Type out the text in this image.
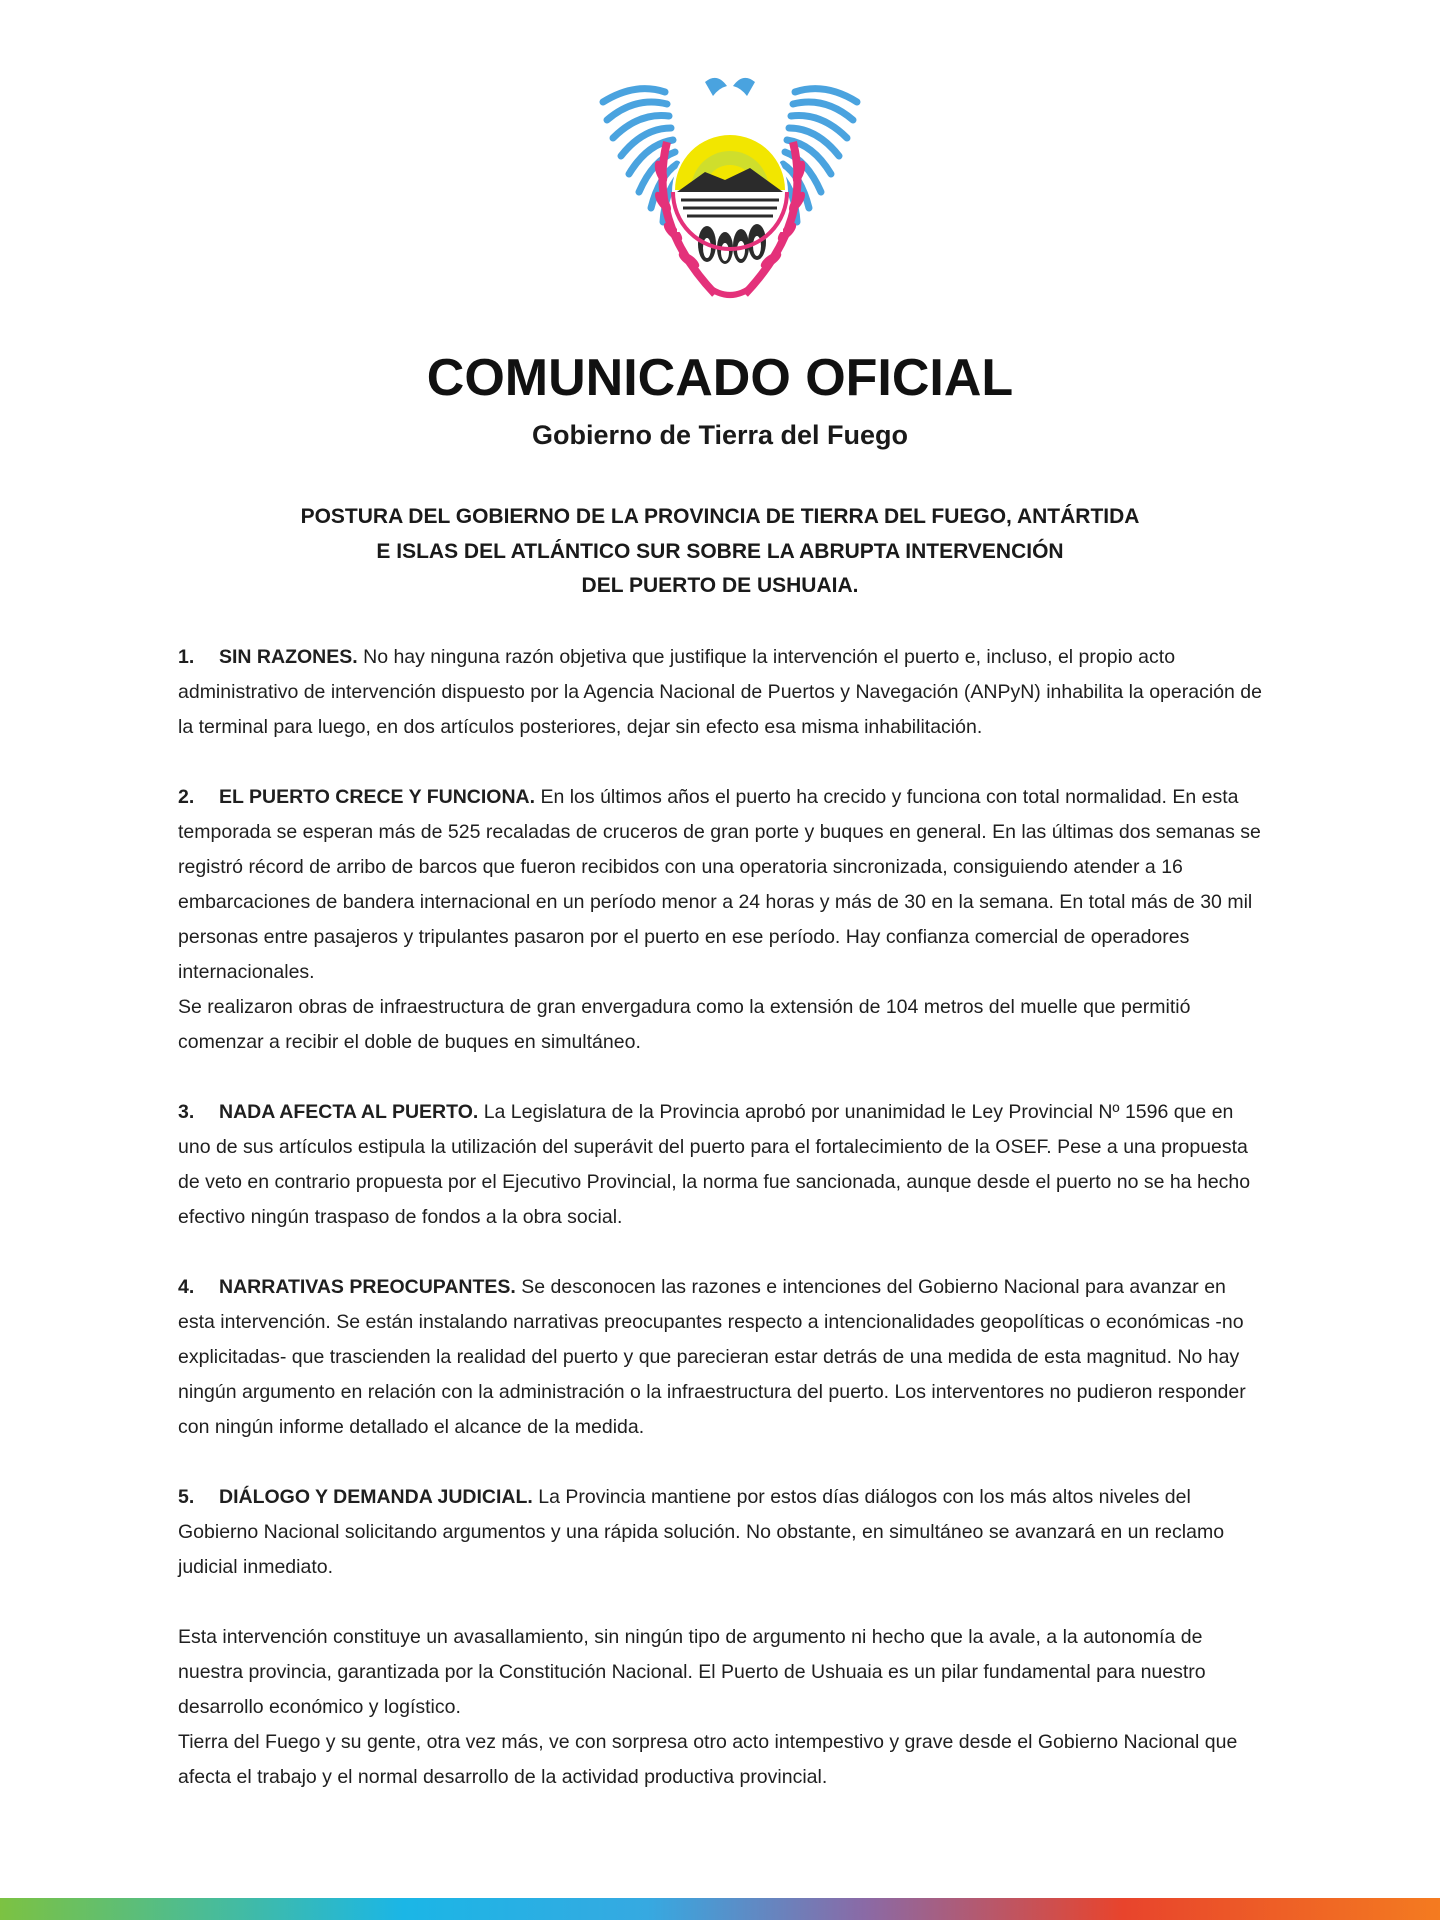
COMUNICADO OFICIAL
Gobierno de Tierra del Fuego
POSTURA DEL GOBIERNO DE LA PROVINCIA DE TIERRA DEL FUEGO, ANTÁRTIDA
E ISLAS DEL ATLÁNTICO SUR SOBRE LA ABRUPTA INTERVENCIÓN
DEL PUERTO DE USHUAIA.

1. SIN RAZONES. No hay ninguna razón objetiva que justifique la intervención el puerto e, incluso, el propio acto administrativo de intervención dispuesto por la Agencia Nacional de Puertos y Navegación (ANPyN) inhabilita la operación de la terminal para luego, en dos artículos posteriores, dejar sin efecto esa misma inhabilitación.

2. EL PUERTO CRECE Y FUNCIONA. En los últimos años el puerto ha crecido y funciona con total normalidad. En esta temporada se esperan más de 525 recaladas de cruceros de gran porte y buques en general. En las últimas dos semanas se registró récord de arribo de barcos que fueron recibidos con una operatoria sincronizada, consiguiendo atender a 16 embarcaciones de bandera internacional en un período menor a 24 horas y más de 30 en la semana. En total más de 30 mil personas entre pasajeros y tripulantes pasaron por el puerto en ese período. Hay confianza comercial de operadores internacionales.

Se realizaron obras de infraestructura de gran envergadura como la extensión de 104 metros del muelle que permitió comenzar a recibir el doble de buques en simultáneo.

3. NADA AFECTA AL PUERTO. La Legislatura de la Provincia aprobó por unanimidad le Ley Provincial Nº 1596 que en uno de sus artículos estipula la utilización del superávit del puerto para el fortalecimiento de la OSEF. Pese a una propuesta de veto en contrario propuesta por el Ejecutivo Provincial, la norma fue sancionada, aunque desde el puerto no se ha hecho efectivo ningún traspaso de fondos a la obra social.

4. NARRATIVAS PREOCUPANTES. Se desconocen las razones e intenciones del Gobierno Nacional para avanzar en esta intervención. Se están instalando narrativas preocupantes respecto a intencionalidades geopolíticas o económicas -no explicitadas- que trascienden la realidad del puerto y que parecieran estar detrás de una medida de esta magnitud. No hay ningún argumento en relación con la administración o la infraestructura del puerto. Los interventores no pudieron responder con ningún informe detallado el alcance de la medida.

5. DIÁLOGO Y DEMANDA JUDICIAL. La Provincia mantiene por estos días diálogos con los más altos niveles del Gobierno Nacional solicitando argumentos y una rápida solución. No obstante, en simultáneo se avanzará en un reclamo judicial inmediato.

Esta intervención constituye un avasallamiento, sin ningún tipo de argumento ni hecho que la avale, a la autonomía de nuestra provincia, garantizada por la Constitución Nacional. El Puerto de Ushuaia es un pilar fundamental para nuestro desarrollo económico y logístico.

Tierra del Fuego y su gente, otra vez más, ve con sorpresa otro acto intempestivo y grave desde el Gobierno Nacional que afecta el trabajo y el normal desarrollo de la actividad productiva provincial.
